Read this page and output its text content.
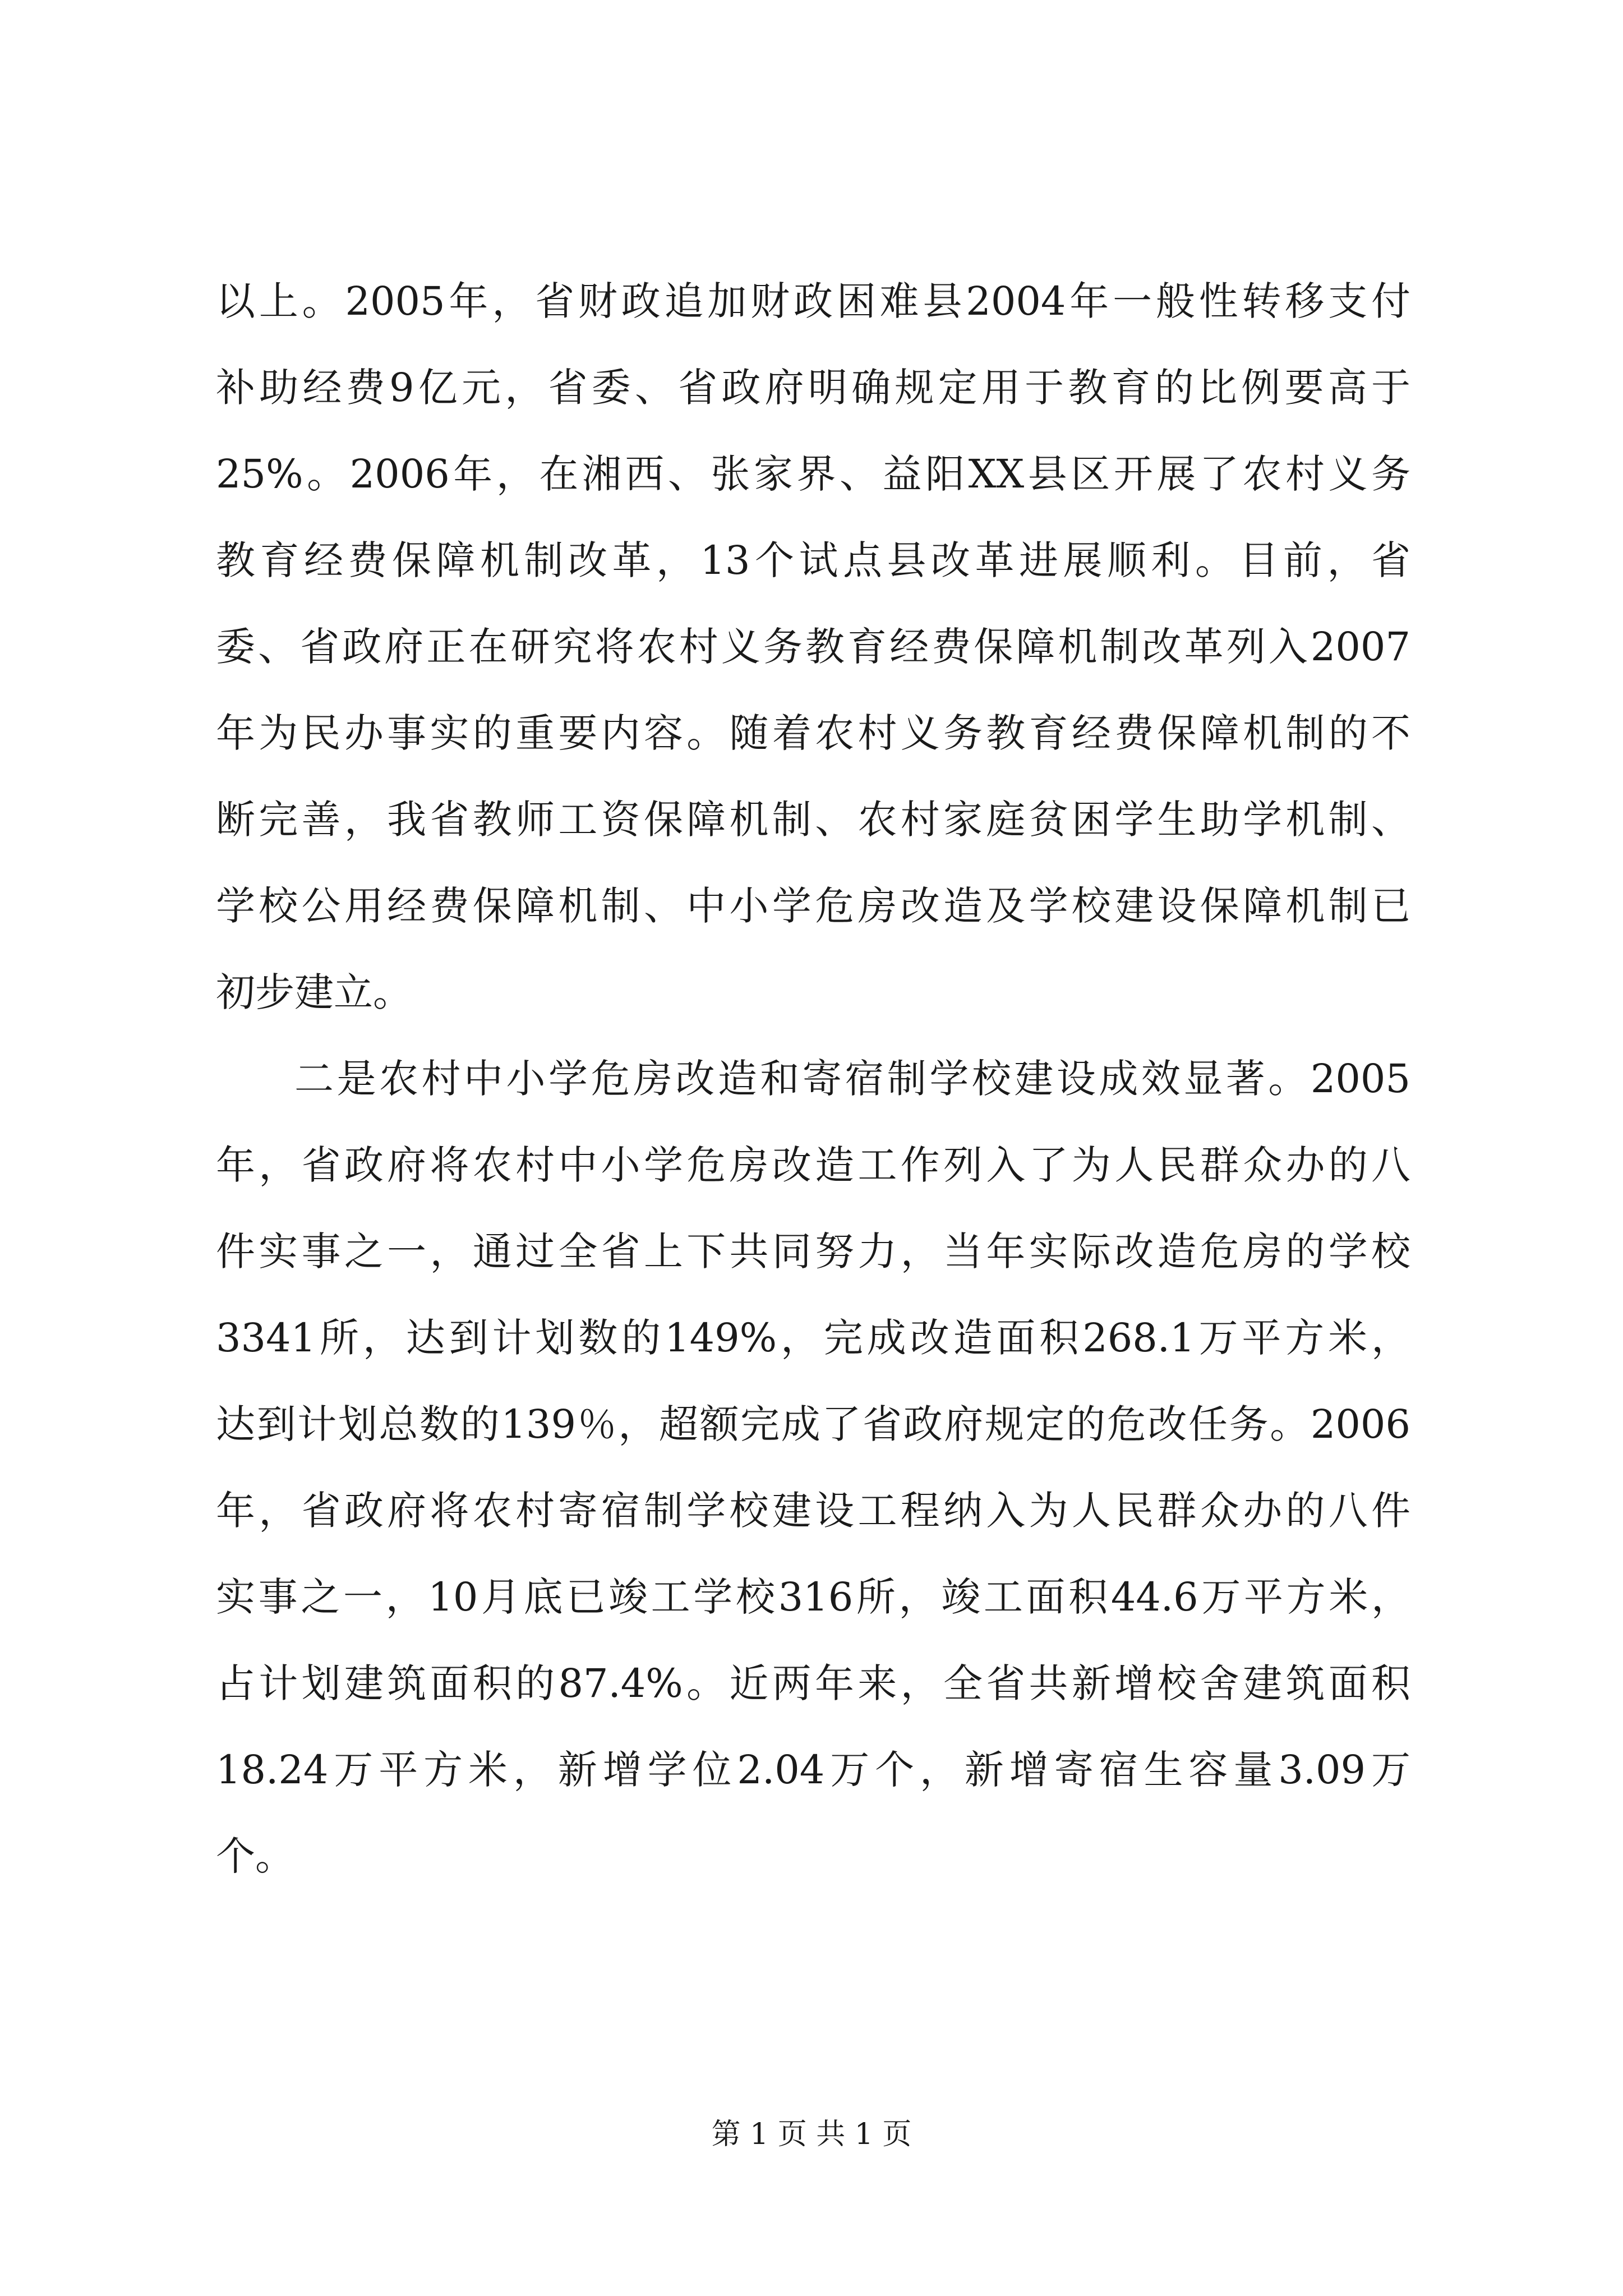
以上。2005年，省财政追加财政困难县2004年一般性转移支付
补助经费9亿元，省委、省政府明确规定用于教育的比例要高于
25%。2006年，在湘西、张家界、益阳XX县区开展了农村义务
教育经费保障机制改革，13个试点县改革进展顺利。目前，省
委、省政府正在研究将农村义务教育经费保障机制改革列入2007
年为民办事实的重要内容。随着农村义务教育经费保障机制的不
断完善，我省教师工资保障机制、农村家庭贫困学生助学机制、
学校公用经费保障机制、中小学危房改造及学校建设保障机制已
初步建立。
二是农村中小学危房改造和寄宿制学校建设成效显著。2005
年，省政府将农村中小学危房改造工作列入了为人民群众办的八
件实事之一，通过全省上下共同努力，当年实际改造危房的学校
3341所，达到计划数的149%，完成改造面积268.1万平方米，
达到计划总数的139％，超额完成了省政府规定的危改任务。2006
年，省政府将农村寄宿制学校建设工程纳入为人民群众办的八件
实事之一，10月底已竣工学校316所，竣工面积44.6万平方米，
占计划建筑面积的87.4%。近两年来，全省共新增校舍建筑面积
18.24万平方米，新增学位2.04万个，新增寄宿生容量3.09万
个。
第 1 页 共 1 页
